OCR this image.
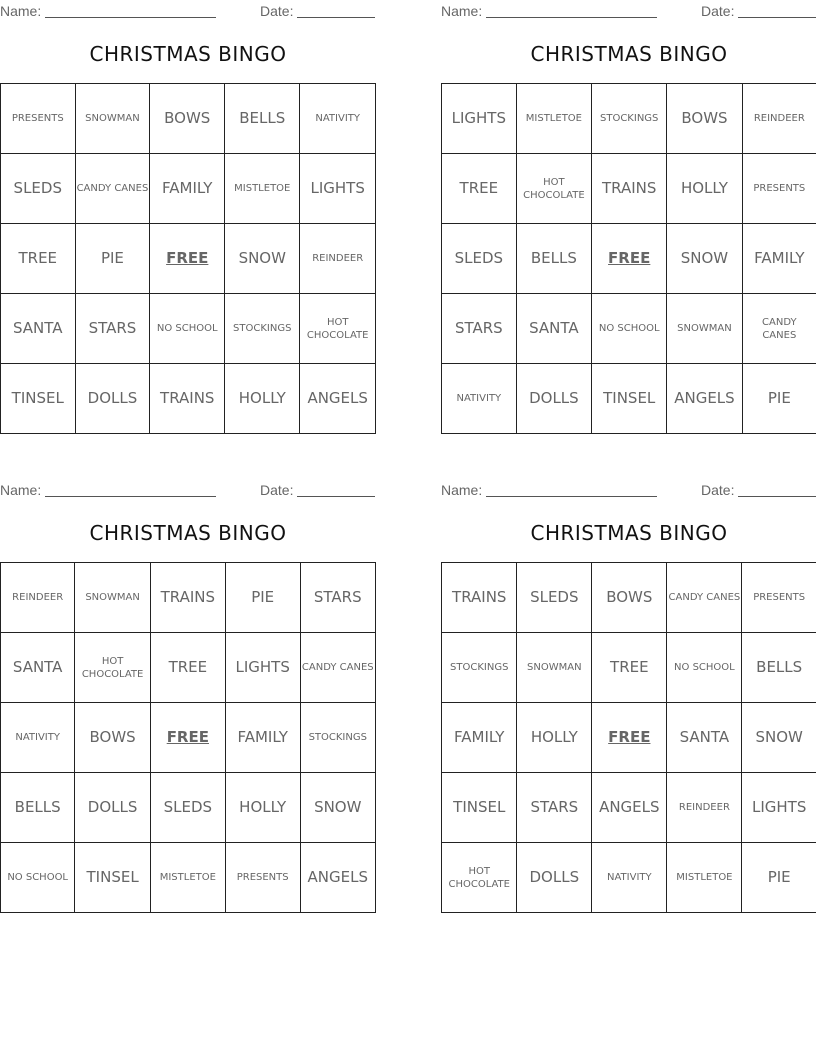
Name:	Date:
CHRISTMAS BINGO
PRESENTS	SNOWMAN	BOWS	BELLS	NATIVITY
SLEDS	CANDY CANES	FAMILY	MISTLETOE	LIGHTS
TREE	PIE	FREE	SNOW	REINDEER
SANTA	STARS	NO SCHOOL	STOCKINGS	HOT CHOCOLATE
TINSEL	DOLLS	TRAINS	HOLLY	ANGELS
Name:	Date:
CHRISTMAS BINGO
LIGHTS	MISTLETOE	STOCKINGS	BOWS	REINDEER
TREE	HOT CHOCOLATE	TRAINS	HOLLY	PRESENTS
SLEDS	BELLS	FREE	SNOW	FAMILY
STARS	SANTA	NO SCHOOL	SNOWMAN	CANDY CANES
NATIVITY	DOLLS	TINSEL	ANGELS	PIE
Name:	Date:
CHRISTMAS BINGO
REINDEER	SNOWMAN	TRAINS	PIE	STARS
SANTA	HOT CHOCOLATE	TREE	LIGHTS	CANDY CANES
NATIVITY	BOWS	FREE	FAMILY	STOCKINGS
BELLS	DOLLS	SLEDS	HOLLY	SNOW
NO SCHOOL	TINSEL	MISTLETOE	PRESENTS	ANGELS
Name:	Date:
CHRISTMAS BINGO
TRAINS	SLEDS	BOWS	CANDY CANES	PRESENTS
STOCKINGS	SNOWMAN	TREE	NO SCHOOL	BELLS
FAMILY	HOLLY	FREE	SANTA	SNOW
TINSEL	STARS	ANGELS	REINDEER	LIGHTS
HOT CHOCOLATE	DOLLS	NATIVITY	MISTLETOE	PIE
